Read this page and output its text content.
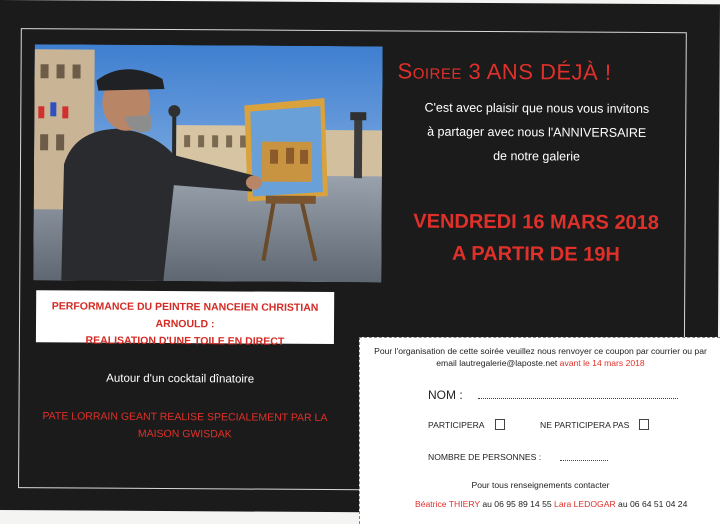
Soiree 3 ANS DÉJÀ !
C'est avec plaisir que nous vous invitons
à partager avec nous l'ANNIVERSAIRE
de notre galerie
VENDREDI 16 MARS 2018
A PARTIR DE 19H
PERFORMANCE DU PEINTRE NANCEIEN CHRISTIAN ARNOULD :
REALISATION D'UNE TOILE EN DIRECT
Autour d'un cocktail dînatoire
PATE LORRAIN GEANT REALISE SPECIALEMENT PAR LA
MAISON GWISDAK
Pour l'organisation de cette soirée veuillez nous renvoyer ce coupon par courrier ou par
email lautregalerie@laposte.net avant le 14 mars 2018
NOM :
PARTICIPERA	NE PARTICIPERA PAS
NOMBRE DE PERSONNES :
Pour tous renseignements contacter
Béatrice THIERY au 06 95 89 14 55 Lara LEDOGAR au 06 64 51 04 24
